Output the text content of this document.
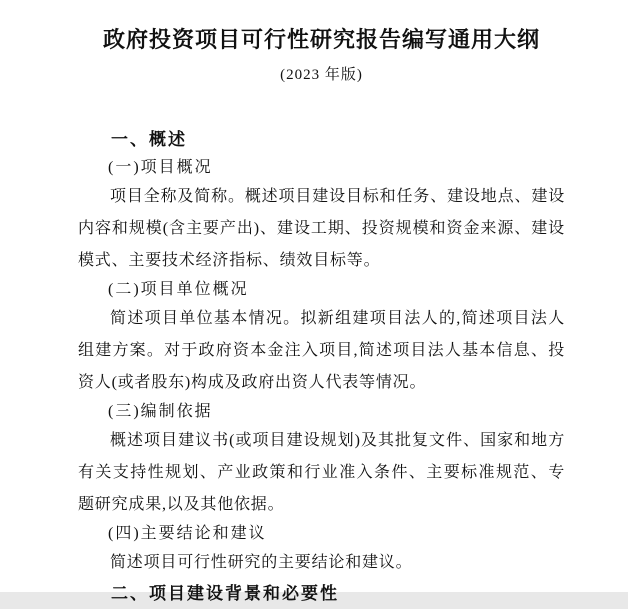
政府投资项目可行性研究报告编写通用大纲
(2023 年版)
一、概述
(一)项目概况

项目全称及简称。概述项目建设目标和任务、建设地点、建设内容和规模(含主要产出)、建设工期、投资规模和资金来源、建设模式、主要技术经济指标、绩效目标等。

(二)项目单位概况

简述项目单位基本情况。拟新组建项目法人的,简述项目法人组建方案。对于政府资本金注入项目,简述项目法人基本信息、投资人(或者股东)构成及政府出资人代表等情况。

(三)编制依据

概述项目建议书(或项目建设规划)及其批复文件、国家和地方有关支持性规划、产业政策和行业准入条件、主要标准规范、专题研究成果,以及其他依据。

(四)主要结论和建议

简述项目可行性研究的主要结论和建议。

二、项目建设背景和必要性
